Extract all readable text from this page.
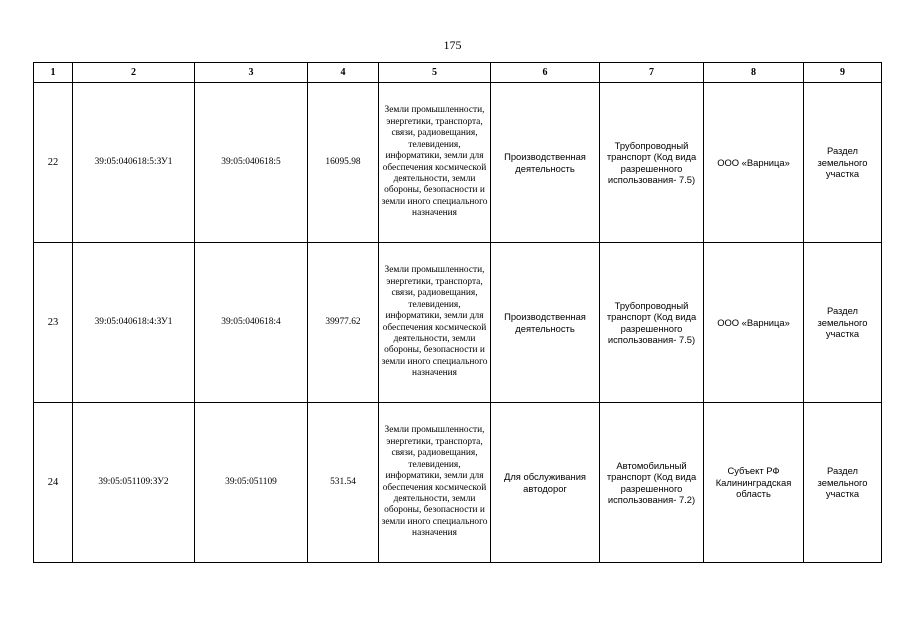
175
1	2	3	4	5	6	7	8	9
22	39:05:040618:5:ЗУ1	39:05:040618:5	16095.98	Земли промышленности, энергетики, транспорта, связи, радиовещания, телевидения, информатики, земли для обеспечения космической деятельности, земли обороны, безопасности и земли иного специального назначения	Производственная деятельность	Трубопроводный транспорт (Код вида разрешенного использования- 7.5)	ООО «Варница»	Раздел земельного участка
23	39:05:040618:4:ЗУ1	39:05:040618:4	39977.62	Земли промышленности, энергетики, транспорта, связи, радиовещания, телевидения, информатики, земли для обеспечения космической деятельности, земли обороны, безопасности и земли иного специального назначения	Производственная деятельность	Трубопроводный транспорт (Код вида разрешенного использования- 7.5)	ООО «Варница»	Раздел земельного участка
24	39:05:051109:ЗУ2	39:05:051109	531.54	Земли промышленности, энергетики, транспорта, связи, радиовещания, телевидения, информатики, земли для обеспечения космической деятельности, земли обороны, безопасности и земли иного специального назначения	Для обслуживания автодорог	Автомобильный транспорт (Код вида разрешенного использования- 7.2)	Субъект РФ Калининградская область	Раздел земельного участка
